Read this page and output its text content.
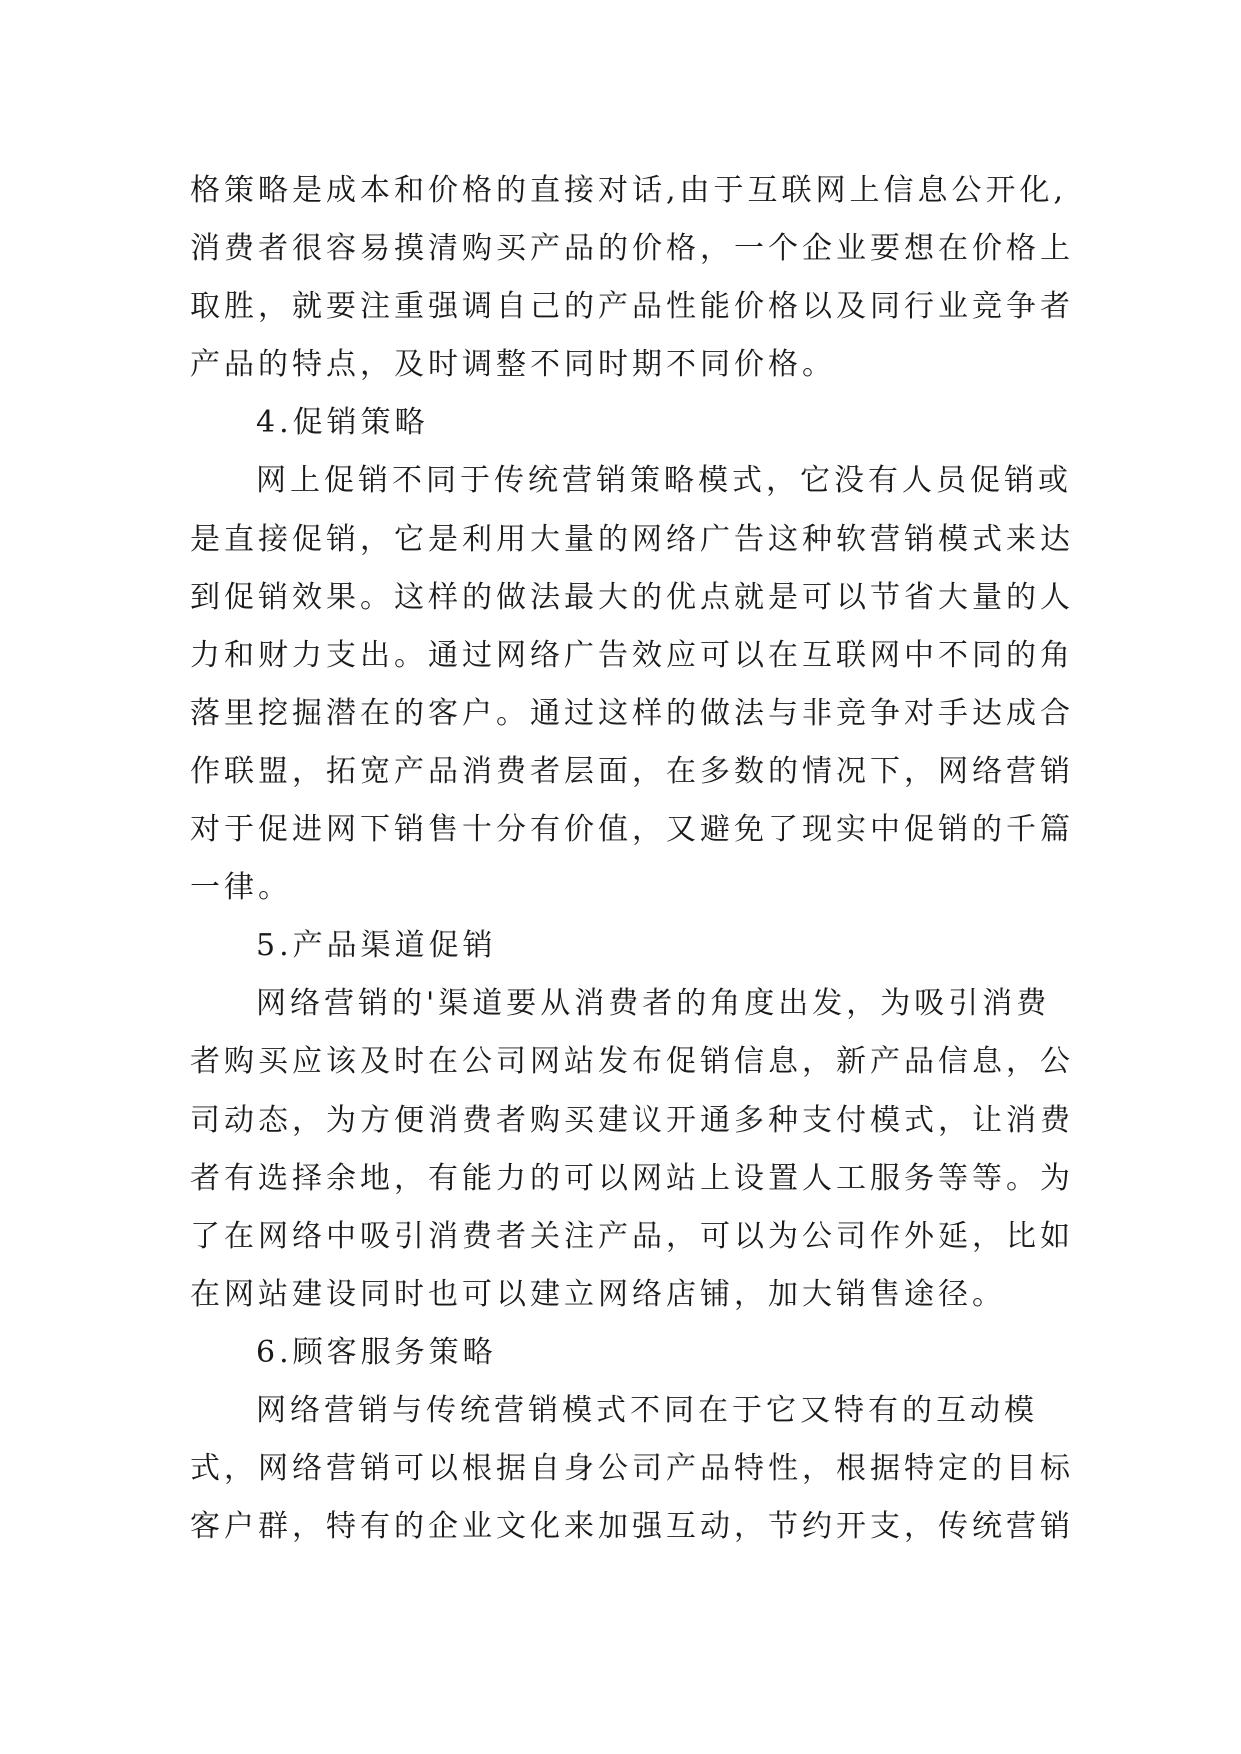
格策略是成本和价格的直接对话,由于互联网上信息公开化,
消费者很容易摸清购买产品的价格，一个企业要想在价格上
取胜，就要注重强调自己的产品性能价格以及同行业竞争者
产品的特点，及时调整不同时期不同价格。
4.促销策略
网上促销不同于传统营销策略模式，它没有人员促销或
是直接促销，它是利用大量的网络广告这种软营销模式来达
到促销效果。这样的做法最大的优点就是可以节省大量的人
力和财力支出。通过网络广告效应可以在互联网中不同的角
落里挖掘潜在的客户。通过这样的做法与非竞争对手达成合
作联盟，拓宽产品消费者层面，在多数的情况下，网络营销
对于促进网下销售十分有价值，又避免了现实中促销的千篇
一律。
5.产品渠道促销
网络营销的'渠道要从消费者的角度出发，为吸引消费
者购买应该及时在公司网站发布促销信息，新产品信息，公
司动态，为方便消费者购买建议开通多种支付模式，让消费
者有选择余地，有能力的可以网站上设置人工服务等等。为
了在网络中吸引消费者关注产品，可以为公司作外延，比如
在网站建设同时也可以建立网络店铺，加大销售途径。
6.顾客服务策略
网络营销与传统营销模式不同在于它又特有的互动模
式，网络营销可以根据自身公司产品特性，根据特定的目标
客户群，特有的企业文化来加强互动，节约开支，传统营销
